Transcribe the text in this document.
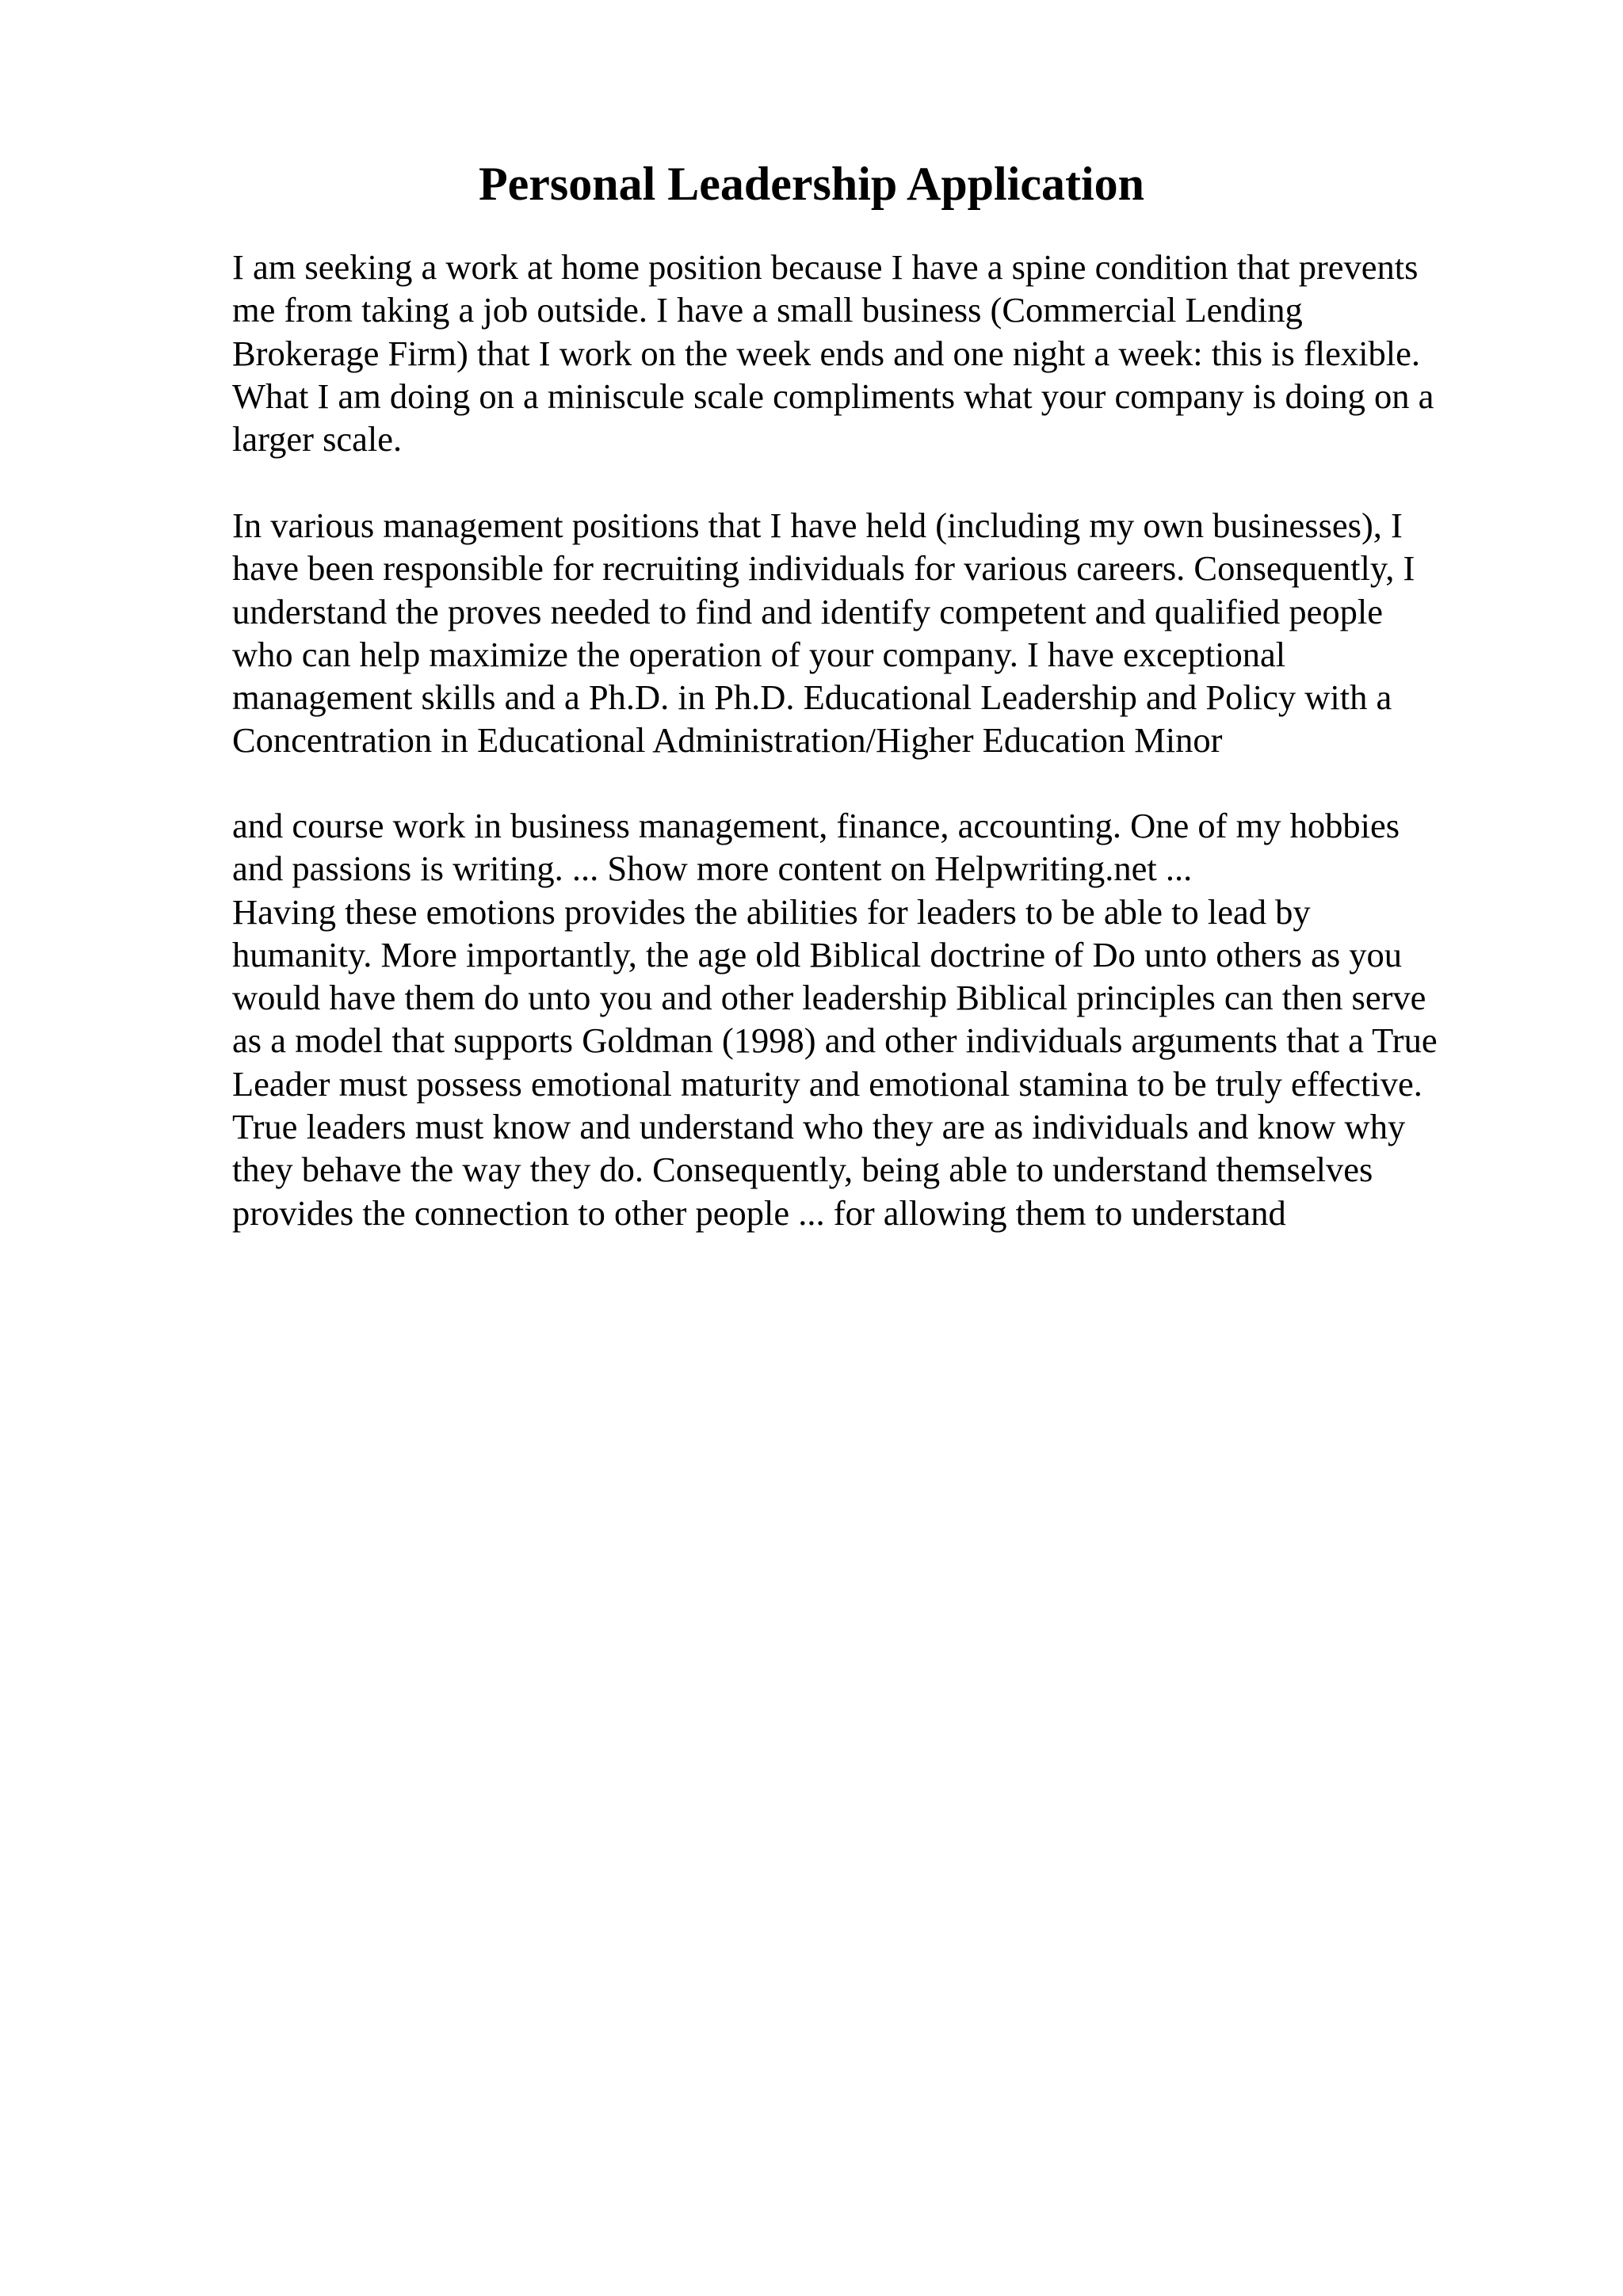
Personal Leadership Application

I am seeking a work at home position because I have a spine condition that prevents
me from taking a job outside. I have a small business (Commercial Lending
Brokerage Firm) that I work on the week ends and one night a week: this is flexible.
What I am doing on a miniscule scale compliments what your company is doing on a
larger scale.

In various management positions that I have held (including my own businesses), I
have been responsible for recruiting individuals for various careers. Consequently, I
understand the proves needed to find and identify competent and qualified people
who can help maximize the operation of your company. I have exceptional
management skills and a Ph.D. in Ph.D. Educational Leadership and Policy with a
Concentration in Educational Administration/Higher Education Minor

and course work in business management, finance, accounting. One of my hobbies
and passions is writing. ... Show more content on Helpwriting.net ...
Having these emotions provides the abilities for leaders to be able to lead by
humanity. More importantly, the age old Biblical doctrine of Do unto others as you
would have them do unto you and other leadership Biblical principles can then serve
as a model that supports Goldman (1998) and other individuals arguments that a True
Leader must possess emotional maturity and emotional stamina to be truly effective.
True leaders must know and understand who they are as individuals and know why
they behave the way they do. Consequently, being able to understand themselves
provides the connection to other people ... for allowing them to understand
